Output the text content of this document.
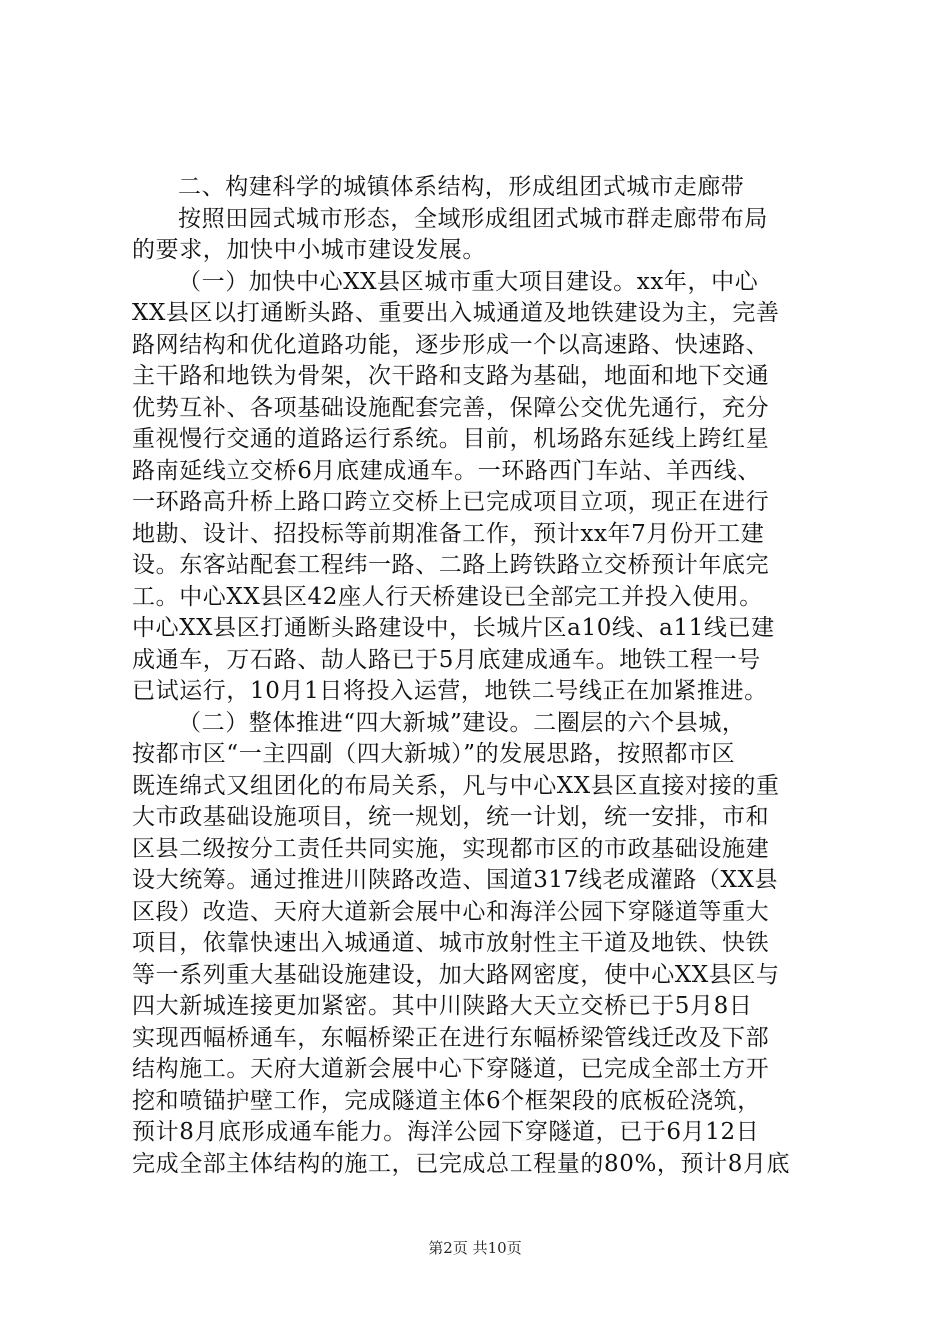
二、构建科学的城镇体系结构，形成组团式城市走廊带
按照田园式城市形态，全域形成组团式城市群走廊带布局
的要求，加快中小城市建设发展。
（一）加快中心XX县区城市重大项目建设。xx年，中心
XX县区以打通断头路、重要出入城通道及地铁建设为主，完善
路网结构和优化道路功能，逐步形成一个以高速路、快速路、
主干路和地铁为骨架，次干路和支路为基础，地面和地下交通
优势互补、各项基础设施配套完善，保障公交优先通行，充分
重视慢行交通的道路运行系统。目前，机场路东延线上跨红星
路南延线立交桥6月底建成通车。一环路西门车站、羊西线、
一环路高升桥上路口跨立交桥上已完成项目立项，现正在进行
地勘、设计、招投标等前期准备工作，预计xx年7月份开工建
设。东客站配套工程纬一路、二路上跨铁路立交桥预计年底完
工。中心XX县区42座人行天桥建设已全部完工并投入使用。
中心XX县区打通断头路建设中，长城片区a10线、a11线已建
成通车，万石路、劼人路已于5月底建成通车。地铁工程一号
已试运行，10月1日将投入运营，地铁二号线正在加紧推进。
（二）整体推进“四大新城”建设。二圈层的六个县城，
按都市区“一主四副（四大新城）”的发展思路，按照都市区
既连绵式又组团化的布局关系，凡与中心XX县区直接对接的重
大市政基础设施项目，统一规划，统一计划，统一安排，市和
区县二级按分工责任共同实施，实现都市区的市政基础设施建
设大统筹。通过推进川陕路改造、国道317线老成灌路（XX县
区段）改造、天府大道新会展中心和海洋公园下穿隧道等重大
项目，依靠快速出入城通道、城市放射性主干道及地铁、快铁
等一系列重大基础设施建设，加大路网密度，使中心XX县区与
四大新城连接更加紧密。其中川陕路大天立交桥已于5月8日
实现西幅桥通车，东幅桥梁正在进行东幅桥梁管线迁改及下部
结构施工。天府大道新会展中心下穿隧道，已完成全部土方开
挖和喷锚护壁工作，完成隧道主体6个框架段的底板砼浇筑，
预计8月底形成通车能力。海洋公园下穿隧道，已于6月12日
完成全部主体结构的施工，已完成总工程量的80%，预计8月底
第2页 共10页
